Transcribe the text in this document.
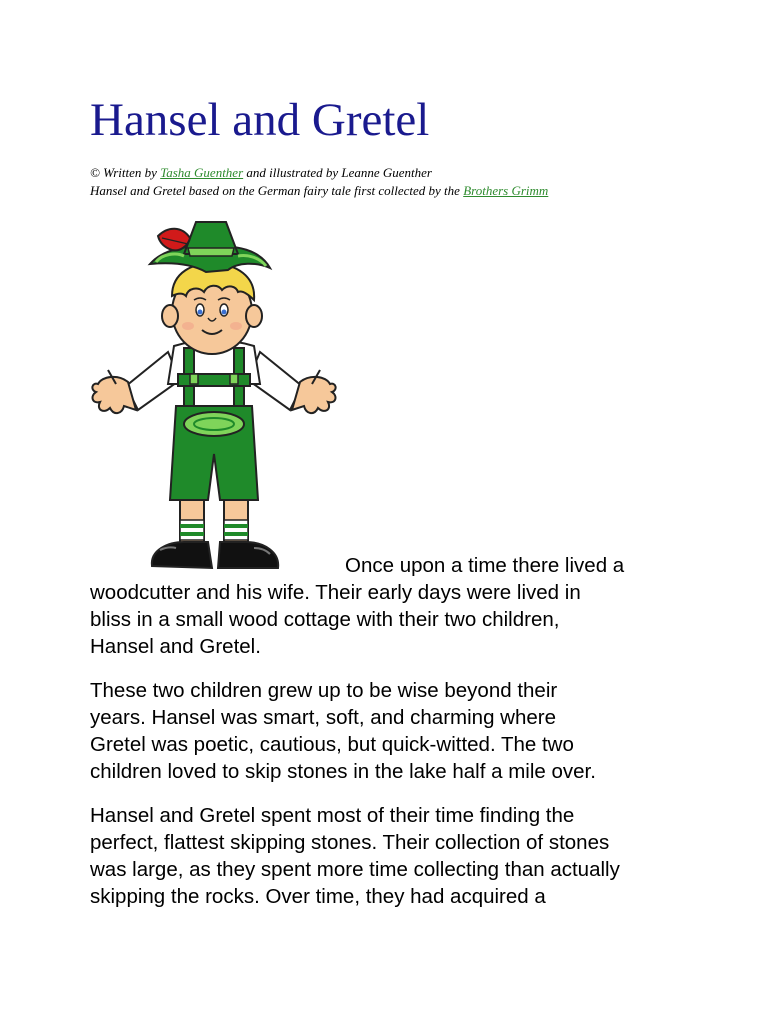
Hansel and Gretel
© Written by Tasha Guenther and illustrated by Leanne Guenther
Hansel and Gretel based on the German fairy tale first collected by the Brothers Grimm

Once upon a time there lived a

woodcutter and his wife. Their early days were lived in
bliss in a small wood cottage with their two children,
Hansel and Gretel.

These two children grew up to be wise beyond their
years. Hansel was smart, soft, and charming where
Gretel was poetic, cautious, but quick-witted. The two
children loved to skip stones in the lake half a mile over.

Hansel and Gretel spent most of their time finding the
perfect, flattest skipping stones. Their collection of stones
was large, as they spent more time collecting than actually
skipping the rocks. Over time, they had acquired a
